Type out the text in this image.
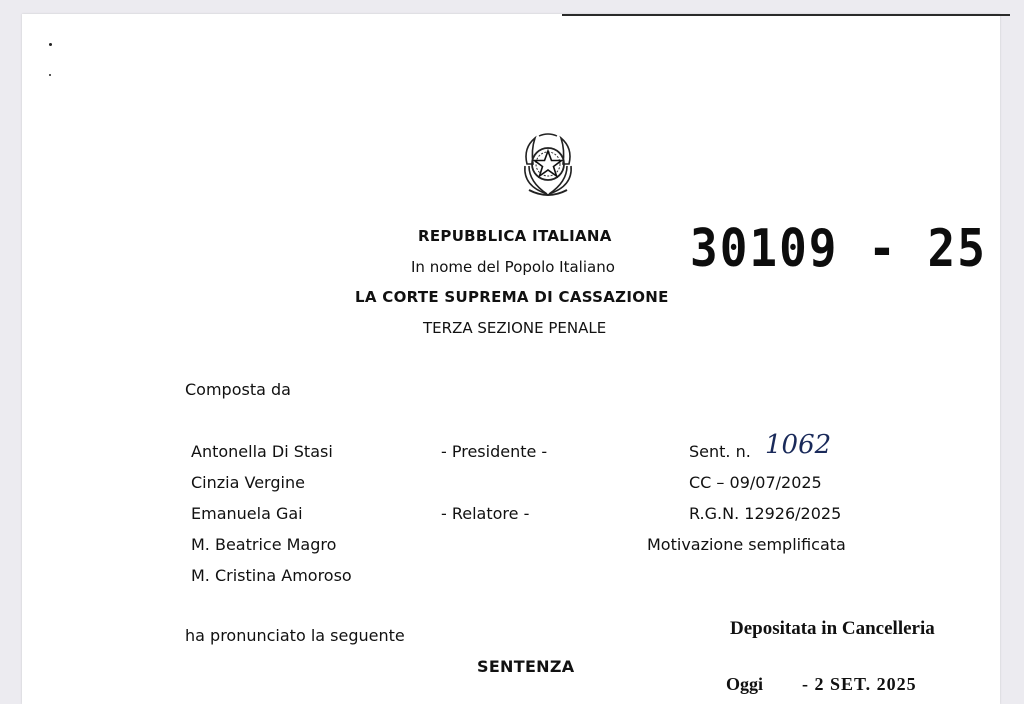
REPUBBLICA ITALIANA
In nome del Popolo Italiano
LA CORTE SUPREMA DI CASSAZIONE
TERZA SEZIONE PENALE
30109 - 25
Composta da
Antonella Di Stasi	- Presidente -
Cinzia Vergine
Emanuela Gai	- Relatore -
M. Beatrice Magro
M. Cristina Amoroso
Sent. n. 1062
CC – 09/07/2025
R.G.N. 12926/2025
Motivazione semplificata
ha pronunciato la seguente	Depositata in Cancelleria
SENTENZA
Oggi - 2 SET. 2025
